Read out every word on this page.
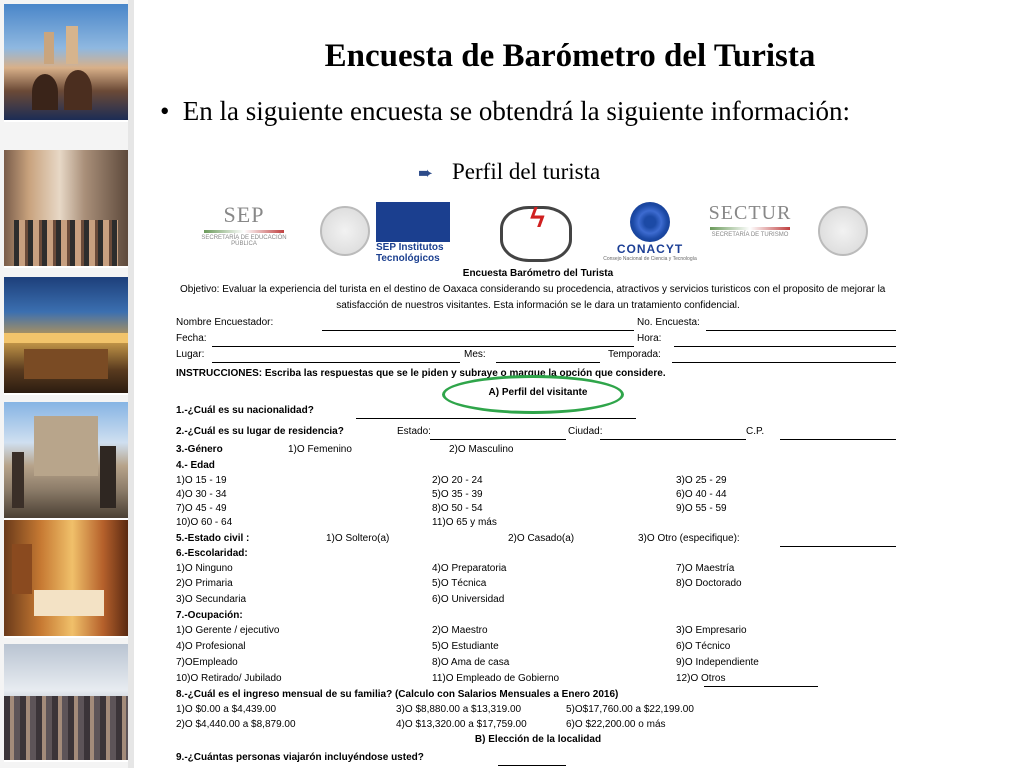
Encuesta de Barómetro del Turista
• En la siguiente encuesta se obtendrá la siguiente información:
➨ Perfil del turista
SEP
SECRETARÍA DE EDUCACIÓN PÚBLICA	SEP Institutos Tecnológicos
ϟ
CONACYT
Consejo Nacional de Ciencia y Tecnología
SECTUR
SECRETARÍA DE TURISMO
Encuesta Barómetro del Turista
Objetivo: Evaluar la experiencia del turista en el destino de Oaxaca considerando su procedencia, atractivos y servicios turisticos con el proposito de mejorar la
satisfacción de nuestros visitantes. Esta información se le dara un tratamiento confidencial.
Nombre Encuestador:	No. Encuesta:
Fecha:	Hora:
Lugar:	Mes:	Temporada:
INSTRUCCIONES: Escriba las respuestas que se le piden y subraye o marque la opción que considere.
A) Perfil del visitante
1.-¿Cuál es su nacionalidad?
2.-¿Cuál es su lugar de residencia?	Estado:	Ciudad:	C.P.
3.-Género	1)O Femenino	2)O Masculino
4.- Edad
1)O 15 - 19	2)O 20 - 24	3)O 25 - 29
4)O 30 - 34	5)O 35 - 39	6)O 40 - 44
7)O 45 - 49	8)O 50 - 54	9)O 55 - 59
10)O 60 - 64	11)O 65 y más
5.-Estado civil :	1)O Soltero(a)	2)O Casado(a)	3)O Otro (especifique):
6.-Escolaridad:
1)O Ninguno	4)O Preparatoria	7)O Maestría
2)O Primaria	5)O Técnica	8)O Doctorado
3)O Secundaria	6)O Universidad
7.-Ocupación:
1)O Gerente / ejecutivo	2)O Maestro	3)O Empresario
4)O Profesional	5)O Estudiante	6)O Técnico
7)OEmpleado	8)O Ama de casa	9)O Independiente
10)O Retirado/ Jubilado	11)O Empleado de Gobierno	12)O Otros
8.-¿Cuál es el ingreso mensual de su familia? (Calculo con Salarios Mensuales a Enero 2016)
1)O $0.00 a $4,439.00	3)O $8,880.00 a $13,319.00	5)O$17,760.00 a $22,199.00
2)O $4,440.00 a $8,879.00	4)O $13,320.00 a $17,759.00	6)O $22,200.00 o más
B) Elección de la localidad
9.-¿Cuántas personas viajarón incluyéndose usted?
